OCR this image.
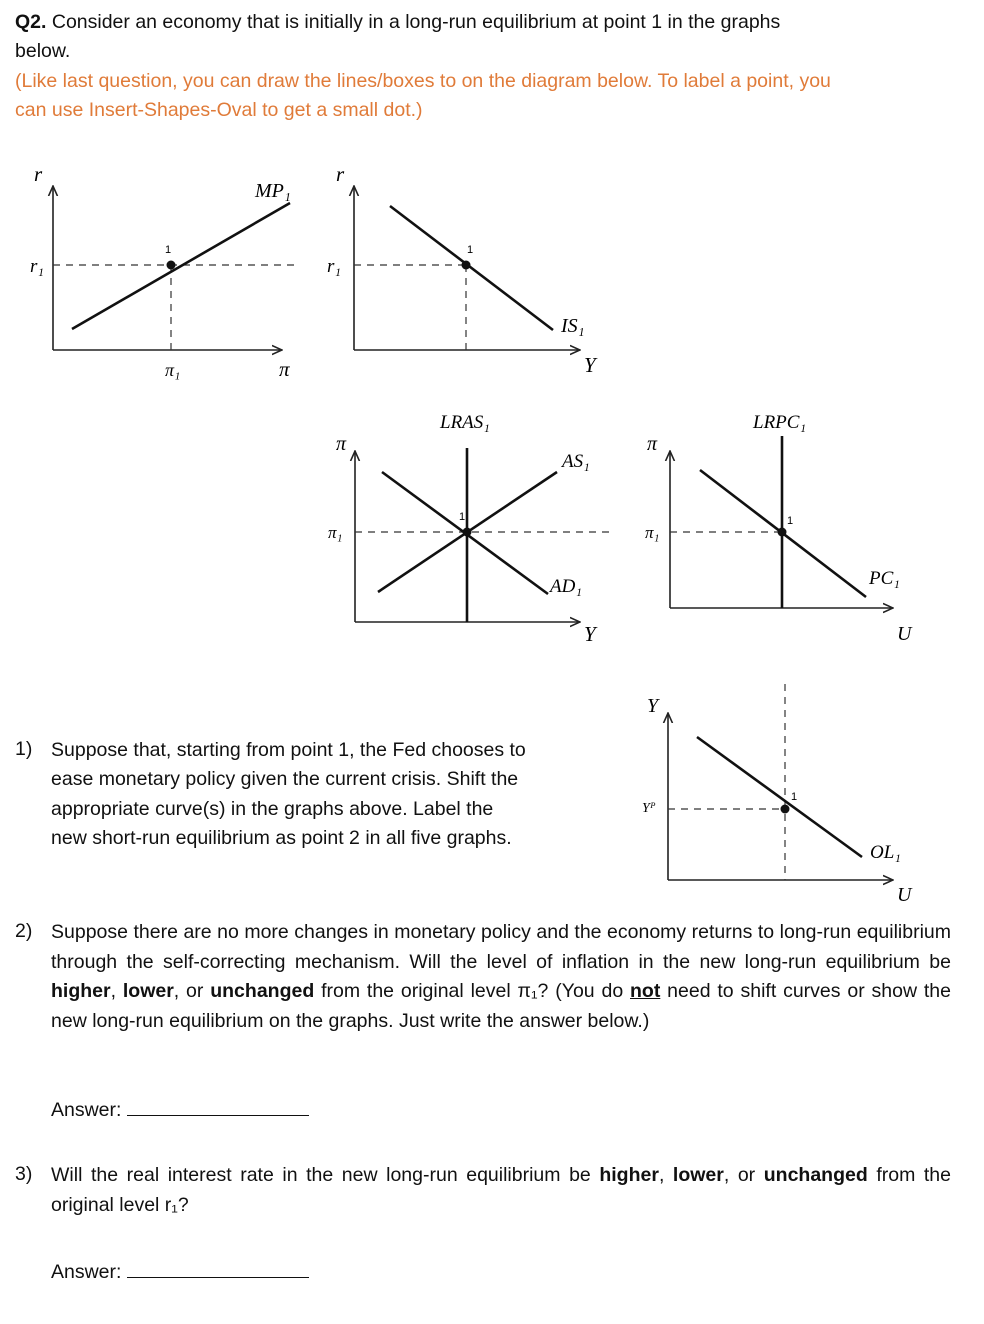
Q2. Consider an economy that is initially in a long-run equilibrium at point 1 in the graphs
below.
(Like last question, you can draw the lines/boxes to on the diagram below. To label a point, you
can use Insert-Shapes-Oval to get a small dot.)
r
π
MP₁
r₁
π₁
1
r
Y
IS₁
r₁
1
π
Y
LRAS₁
AS₁
AD₁
π₁
1
π
U
LRPC₁
PC₁
π₁
1
Y
U
OL₁
Yᴾ
1
1) Suppose that, starting from point 1, the Fed chooses to
ease monetary policy given the current crisis. Shift the
appropriate curve(s) in the graphs above. Label the
new short-run equilibrium as point 2 in all five graphs.
2) Suppose there are no more changes in monetary policy and the economy returns to long-run equilibrium through the self-correcting mechanism. Will the level of inflation in the new long-run equilibrium be higher, lower, or unchanged from the original level π₁? (You do not need to shift curves or show the new long-run equilibrium on the graphs. Just write the answer below.)
Answer:
3) Will the real interest rate in the new long-run equilibrium be higher, lower, or unchanged from the original level r₁?
Answer:
